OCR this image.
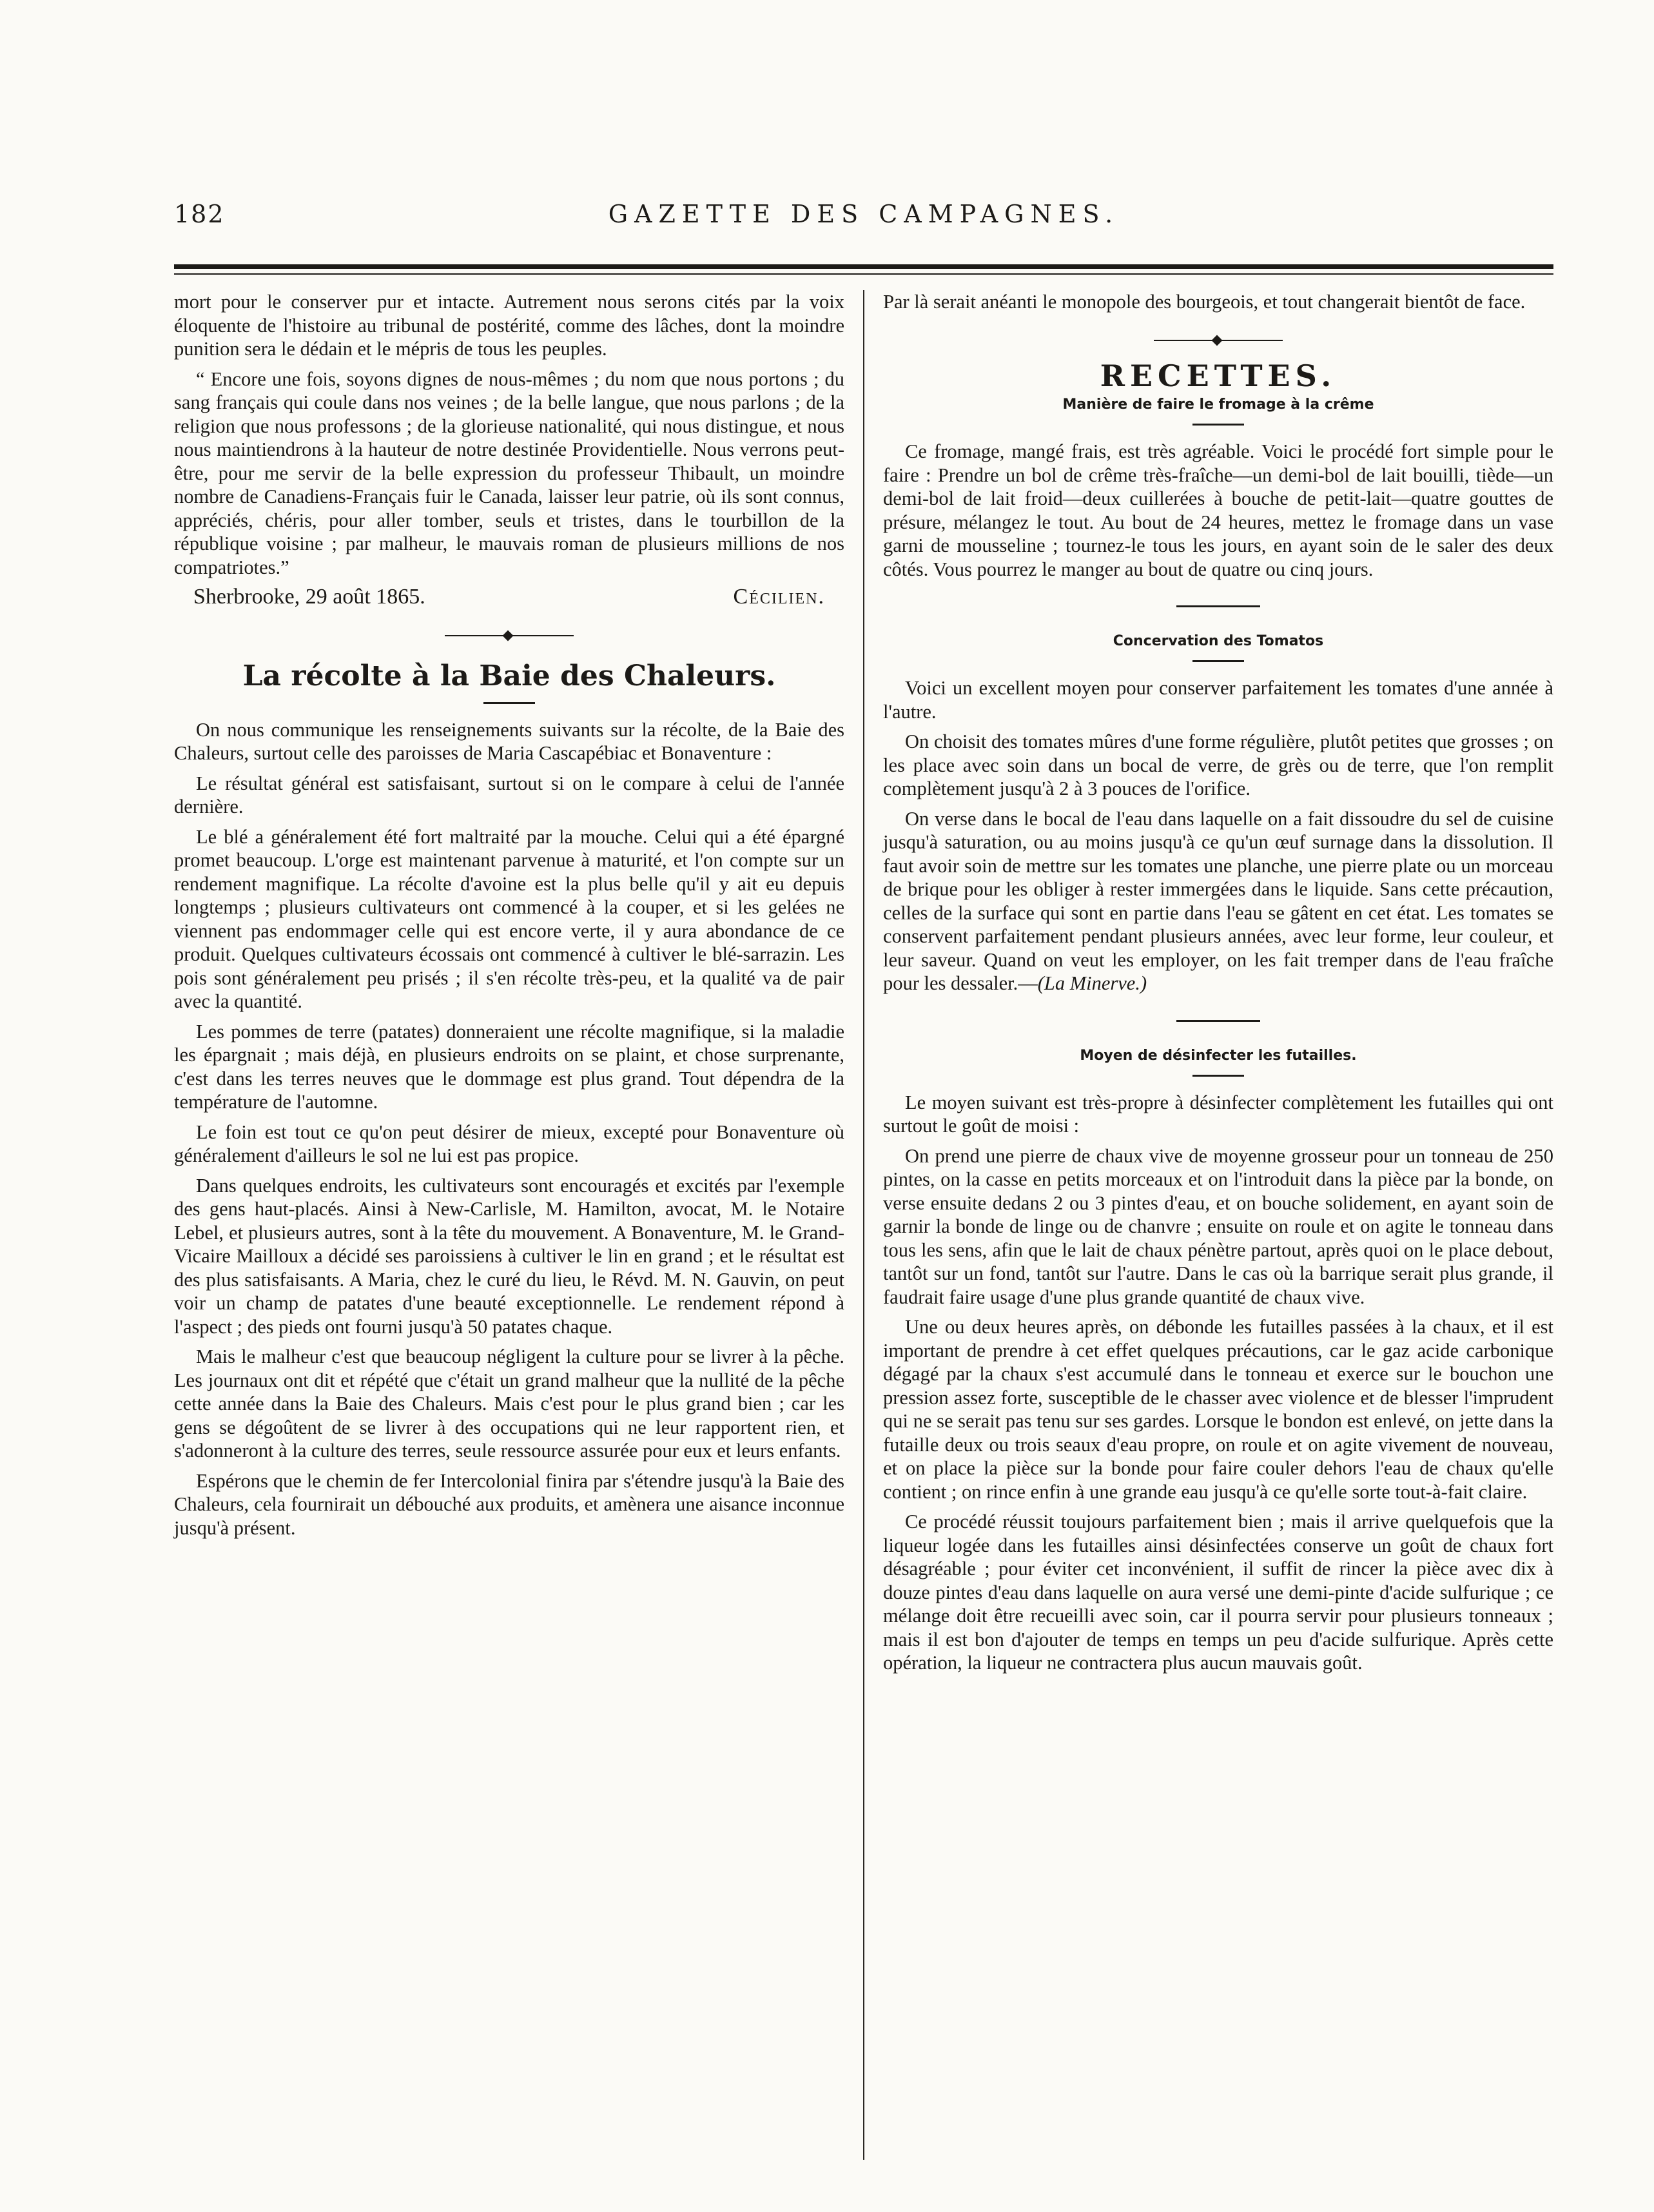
182	GAZETTE DES CAMPAGNES.

mort pour le conserver pur et intacte. Autrement nous serons cités par la voix éloquente de l'histoire au tribunal de postérité, comme des lâches, dont la moindre punition sera le dédain et le mépris de tous les peuples.

“ Encore une fois, soyons dignes de nous-mêmes ; du nom que nous portons ; du sang français qui coule dans nos veines ; de la belle langue, que nous parlons ; de la religion que nous professons ; de la glorieuse nationalité, qui nous distingue, et nous nous maintiendrons à la hauteur de notre destinée Providentielle. Nous verrons peut-être, pour me servir de la belle expression du professeur Thibault, un moindre nombre de Canadiens-Français fuir le Canada, laisser leur patrie, où ils sont connus, appréciés, chéris, pour aller tomber, seuls et tristes, dans le tourbillon de la république voisine ; par malheur, le mauvais roman de plusieurs millions de nos compatriotes.”

Sherbrooke, 29 août 1865.	Cécilien.
La récolte à la Baie des Chaleurs.

On nous communique les renseignements suivants sur la récolte, de la Baie des Chaleurs, surtout celle des paroisses de Maria Cascapébiac et Bonaventure :

Le résultat général est satisfaisant, surtout si on le compare à celui de l'année dernière.

Le blé a généralement été fort maltraité par la mouche. Celui qui a été épargné promet beaucoup. L'orge est maintenant parvenue à maturité, et l'on compte sur un rendement magnifique. La récolte d'avoine est la plus belle qu'il y ait eu depuis longtemps ; plusieurs cultivateurs ont commencé à la couper, et si les gelées ne viennent pas endommager celle qui est encore verte, il y aura abondance de ce produit. Quelques cultivateurs écossais ont commencé à cultiver le blé-sarrazin. Les pois sont généralement peu prisés ; il s'en récolte très-peu, et la qualité va de pair avec la quantité.

Les pommes de terre (patates) donneraient une récolte magnifique, si la maladie les épargnait ; mais déjà, en plusieurs endroits on se plaint, et chose surprenante, c'est dans les terres neuves que le dommage est plus grand. Tout dépendra de la température de l'automne.

Le foin est tout ce qu'on peut désirer de mieux, excepté pour Bonaventure où généralement d'ailleurs le sol ne lui est pas propice.

Dans quelques endroits, les cultivateurs sont encouragés et excités par l'exemple des gens haut-placés. Ainsi à New-Carlisle, M. Hamilton, avocat, M. le Notaire Lebel, et plusieurs autres, sont à la tête du mouvement. A Bonaventure, M. le Grand-Vicaire Mailloux a décidé ses paroissiens à cultiver le lin en grand ; et le résultat est des plus satisfaisants. A Maria, chez le curé du lieu, le Révd. M. N. Gauvin, on peut voir un champ de patates d'une beauté exceptionnelle. Le rendement répond à l'aspect ; des pieds ont fourni jusqu'à 50 patates chaque.

Mais le malheur c'est que beaucoup négligent la culture pour se livrer à la pêche. Les journaux ont dit et répété que c'était un grand malheur que la nullité de la pêche cette année dans la Baie des Chaleurs. Mais c'est pour le plus grand bien ; car les gens se dégoûtent de se livrer à des occupations qui ne leur rapportent rien, et s'adonneront à la culture des terres, seule ressource assurée pour eux et leurs enfants.

Espérons que le chemin de fer Intercolonial finira par s'étendre jusqu'à la Baie des Chaleurs, cela fournirait un débouché aux produits, et amènera une aisance inconnue jusqu'à présent.

Par là serait anéanti le monopole des bourgeois, et tout changerait bientôt de face.

RECETTES.
Manière de faire le fromage à la crême

Ce fromage, mangé frais, est très agréable. Voici le procédé fort simple pour le faire : Prendre un bol de crême très-fraîche—un demi-bol de lait bouilli, tiède—un demi-bol de lait froid—deux cuillerées à bouche de petit-lait—quatre gouttes de présure, mélangez le tout. Au bout de 24 heures, mettez le fromage dans un vase garni de mousseline ; tournez-le tous les jours, en ayant soin de le saler des deux côtés. Vous pourrez le manger au bout de quatre ou cinq jours.

Concervation des Tomatos

Voici un excellent moyen pour conserver parfaitement les tomates d'une année à l'autre.

On choisit des tomates mûres d'une forme régulière, plutôt petites que grosses ; on les place avec soin dans un bocal de verre, de grès ou de terre, que l'on remplit complètement jusqu'à 2 à 3 pouces de l'orifice.

On verse dans le bocal de l'eau dans laquelle on a fait dissoudre du sel de cuisine jusqu'à saturation, ou au moins jusqu'à ce qu'un œuf surnage dans la dissolution. Il faut avoir soin de mettre sur les tomates une planche, une pierre plate ou un morceau de brique pour les obliger à rester immergées dans le liquide. Sans cette précaution, celles de la surface qui sont en partie dans l'eau se gâtent en cet état. Les tomates se conservent parfaitement pendant plusieurs années, avec leur forme, leur couleur, et leur saveur. Quand on veut les employer, on les fait tremper dans de l'eau fraîche pour les dessaler.—(La Minerve.)

Moyen de désinfecter les futailles.

Le moyen suivant est très-propre à désinfecter complètement les futailles qui ont surtout le goût de moisi :

On prend une pierre de chaux vive de moyenne grosseur pour un tonneau de 250 pintes, on la casse en petits morceaux et on l'introduit dans la pièce par la bonde, on verse ensuite dedans 2 ou 3 pintes d'eau, et on bouche solidement, en ayant soin de garnir la bonde de linge ou de chanvre ; ensuite on roule et on agite le tonneau dans tous les sens, afin que le lait de chaux pénètre partout, après quoi on le place debout, tantôt sur un fond, tantôt sur l'autre. Dans le cas où la barrique serait plus grande, il faudrait faire usage d'une plus grande quantité de chaux vive.

Une ou deux heures après, on débonde les futailles passées à la chaux, et il est important de prendre à cet effet quelques précautions, car le gaz acide carbonique dégagé par la chaux s'est accumulé dans le tonneau et exerce sur le bouchon une pression assez forte, susceptible de le chasser avec violence et de blesser l'imprudent qui ne se serait pas tenu sur ses gardes. Lorsque le bondon est enlevé, on jette dans la futaille deux ou trois seaux d'eau propre, on roule et on agite vivement de nouveau, et on place la pièce sur la bonde pour faire couler dehors l'eau de chaux qu'elle contient ; on rince enfin à une grande eau jusqu'à ce qu'elle sorte tout-à-fait claire.

Ce procédé réussit toujours parfaitement bien ; mais il arrive quelquefois que la liqueur logée dans les futailles ainsi désinfectées conserve un goût de chaux fort désagréable ; pour éviter cet inconvénient, il suffit de rincer la pièce avec dix à douze pintes d'eau dans laquelle on aura versé une demi-pinte d'acide sulfurique ; ce mélange doit être recueilli avec soin, car il pourra servir pour plusieurs tonneaux ; mais il est bon d'ajouter de temps en temps un peu d'acide sulfurique. Après cette opération, la liqueur ne contractera plus aucun mauvais goût.
